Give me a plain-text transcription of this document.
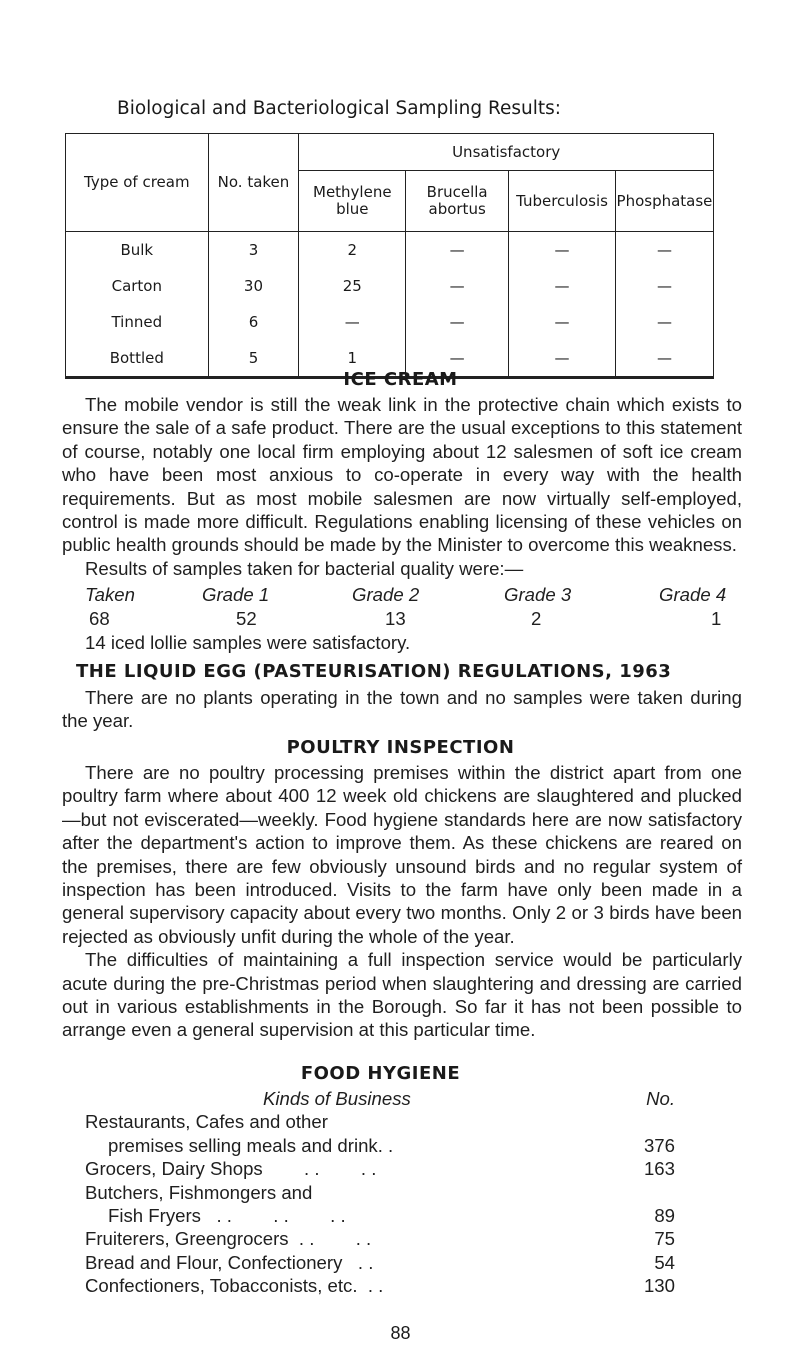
Biological and Bacteriological Sampling Results:
Type of cream	No. taken	Unsatisfactory			
		Methylene blue	Brucella abortus	Tuberculosis	Phosphatase
Bulk	3	2	—	—	—
Carton	30	25	—	—	—
Tinned	6	—	—	—	—
Bottled	5	1	—	—	—
ICE CREAM

The mobile vendor is still the weak link in the protective chain which exists to ensure the sale of a safe product. There are the usual exceptions to this statement of course, notably one local firm employing about 12 salesmen of soft ice cream who have been most anxious to co-operate in every way with the health requirements. But as most mobile salesmen are now virtually self-employed, control is made more difficult. Regulations enabling licensing of these vehicles on public health grounds should be made by the Minister to overcome this weakness.

Results of samples taken for bacterial quality were:—

Taken	Grade 1	Grade 2	Grade 3	Grade 4
68	52	13	2	1

14 iced lollie samples were satisfactory.

THE LIQUID EGG (PASTEURISATION) REGULATIONS, 1963

There are no plants operating in the town and no samples were taken during the year.

POULTRY INSPECTION

There are no poultry processing premises within the district apart from one poultry farm where about 400 12 week old chickens are slaughtered and plucked—but not eviscerated—weekly. Food hygiene standards here are now satisfactory after the department's action to improve them. As these chickens are reared on the premises, there are few obviously unsound birds and no regular system of inspection has been introduced. Visits to the farm have only been made in a general supervisory capacity about every two months. Only 2 or 3 birds have been rejected as obviously unfit during the whole of the year.

The difficulties of maintaining a full inspection service would be particularly acute during the pre-Christmas period when slaughtering and dressing are carried out in various establishments in the Borough. So far it has not been possible to arrange even a general supervision at this particular time.

FOOD HYGIENE
Kinds of Business	No.
Restaurants, Cafes and other
premises selling meals and drink. .	376
Grocers, Dairy Shops        . .        . .	163
Butchers, Fishmongers and
Fish Fryers   . .        . .        . .	89
Fruiterers, Greengrocers  . .        . .	75
Bread and Flour, Confectionery   . .	54
Confectioners, Tobacconists, etc.  . .	130
88
